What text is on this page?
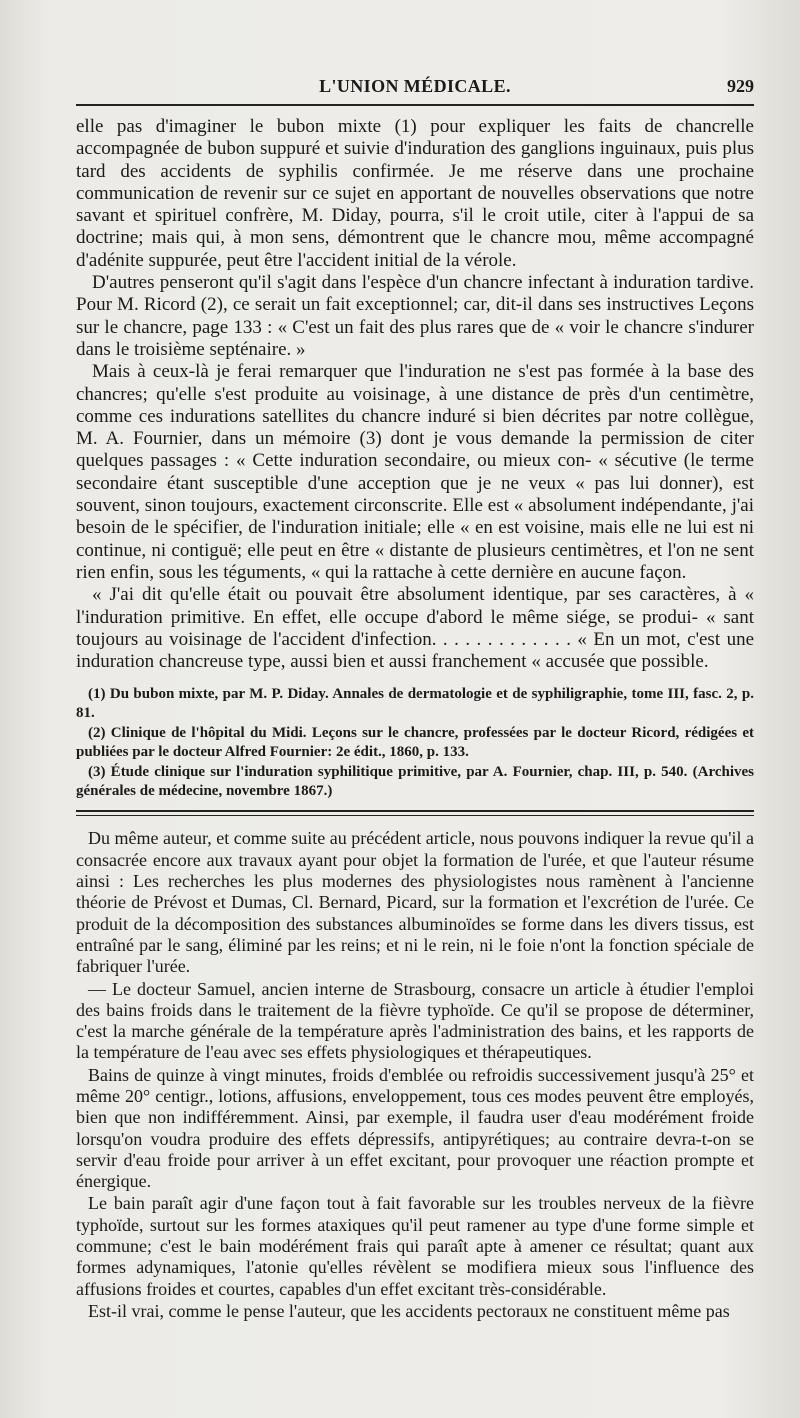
L'UNION MÉDICALE.	929

elle pas d'imaginer le bubon mixte (1) pour expliquer les faits de chancrelle accompagnée de bubon suppuré et suivie d'induration des ganglions inguinaux, puis plus tard des accidents de syphilis confirmée. Je me réserve dans une prochaine communication de revenir sur ce sujet en apportant de nouvelles observations que notre savant et spirituel confrère, M. Diday, pourra, s'il le croit utile, citer à l'appui de sa doctrine; mais qui, à mon sens, démontrent que le chancre mou, même accompagné d'adénite suppurée, peut être l'accident initial de la vérole.

D'autres penseront qu'il s'agit dans l'espèce d'un chancre infectant à induration tardive. Pour M. Ricord (2), ce serait un fait exceptionnel; car, dit-il dans ses instructives Leçons sur le chancre, page 133 : « C'est un fait des plus rares que de « voir le chancre s'indurer dans le troisième septénaire. »

Mais à ceux-là je ferai remarquer que l'induration ne s'est pas formée à la base des chancres; qu'elle s'est produite au voisinage, à une distance de près d'un centimètre, comme ces indurations satellites du chancre induré si bien décrites par notre collègue, M. A. Fournier, dans un mémoire (3) dont je vous demande la permission de citer quelques passages : « Cette induration secondaire, ou mieux con- « sécutive (le terme secondaire étant susceptible d'une acception que je ne veux « pas lui donner), est souvent, sinon toujours, exactement circonscrite. Elle est « absolument indépendante, j'ai besoin de le spécifier, de l'induration initiale; elle « en est voisine, mais elle ne lui est ni continue, ni contiguë; elle peut en être « distante de plusieurs centimètres, et l'on ne sent rien enfin, sous les téguments, « qui la rattache à cette dernière en aucune façon.

« J'ai dit qu'elle était ou pouvait être absolument identique, par ses caractères, à « l'induration primitive. En effet, elle occupe d'abord le même siége, se produi- « sant toujours au voisinage de l'accident d'infection. . . . . . . . . . . . . « En un mot, c'est une induration chancreuse type, aussi bien et aussi franchement « accusée que possible.

(1) Du bubon mixte, par M. P. Diday. Annales de dermatologie et de syphiligraphie, tome III, fasc. 2, p. 81.

(2) Clinique de l'hôpital du Midi. Leçons sur le chancre, professées par le docteur Ricord, rédigées et publiées par le docteur Alfred Fournier: 2e édit., 1860, p. 133.

(3) Étude clinique sur l'induration syphilitique primitive, par A. Fournier, chap. III, p. 540. (Archives générales de médecine, novembre 1867.)

Du même auteur, et comme suite au précédent article, nous pouvons indiquer la revue qu'il a consacrée encore aux travaux ayant pour objet la formation de l'urée, et que l'auteur résume ainsi : Les recherches les plus modernes des physiologistes nous ramènent à l'ancienne théorie de Prévost et Dumas, Cl. Bernard, Picard, sur la formation et l'excrétion de l'urée. Ce produit de la décomposition des substances albuminoïdes se forme dans les divers tissus, est entraîné par le sang, éliminé par les reins; et ni le rein, ni le foie n'ont la fonction spéciale de fabriquer l'urée.

— Le docteur Samuel, ancien interne de Strasbourg, consacre un article à étudier l'emploi des bains froids dans le traitement de la fièvre typhoïde. Ce qu'il se propose de déterminer, c'est la marche générale de la température après l'administration des bains, et les rapports de la température de l'eau avec ses effets physiologiques et thérapeutiques.

Bains de quinze à vingt minutes, froids d'emblée ou refroidis successivement jusqu'à 25° et même 20° centigr., lotions, affusions, enveloppement, tous ces modes peuvent être employés, bien que non indifféremment. Ainsi, par exemple, il faudra user d'eau modérément froide lorsqu'on voudra produire des effets dépressifs, antipyrétiques; au contraire devra-t-on se servir d'eau froide pour arriver à un effet excitant, pour provoquer une réaction prompte et énergique.

Le bain paraît agir d'une façon tout à fait favorable sur les troubles nerveux de la fièvre typhoïde, surtout sur les formes ataxiques qu'il peut ramener au type d'une forme simple et commune; c'est le bain modérément frais qui paraît apte à amener ce résultat; quant aux formes adynamiques, l'atonie qu'elles révèlent se modifiera mieux sous l'influence des affusions froides et courtes, capables d'un effet excitant très-considérable.

Est-il vrai, comme le pense l'auteur, que les accidents pectoraux ne constituent même pas
